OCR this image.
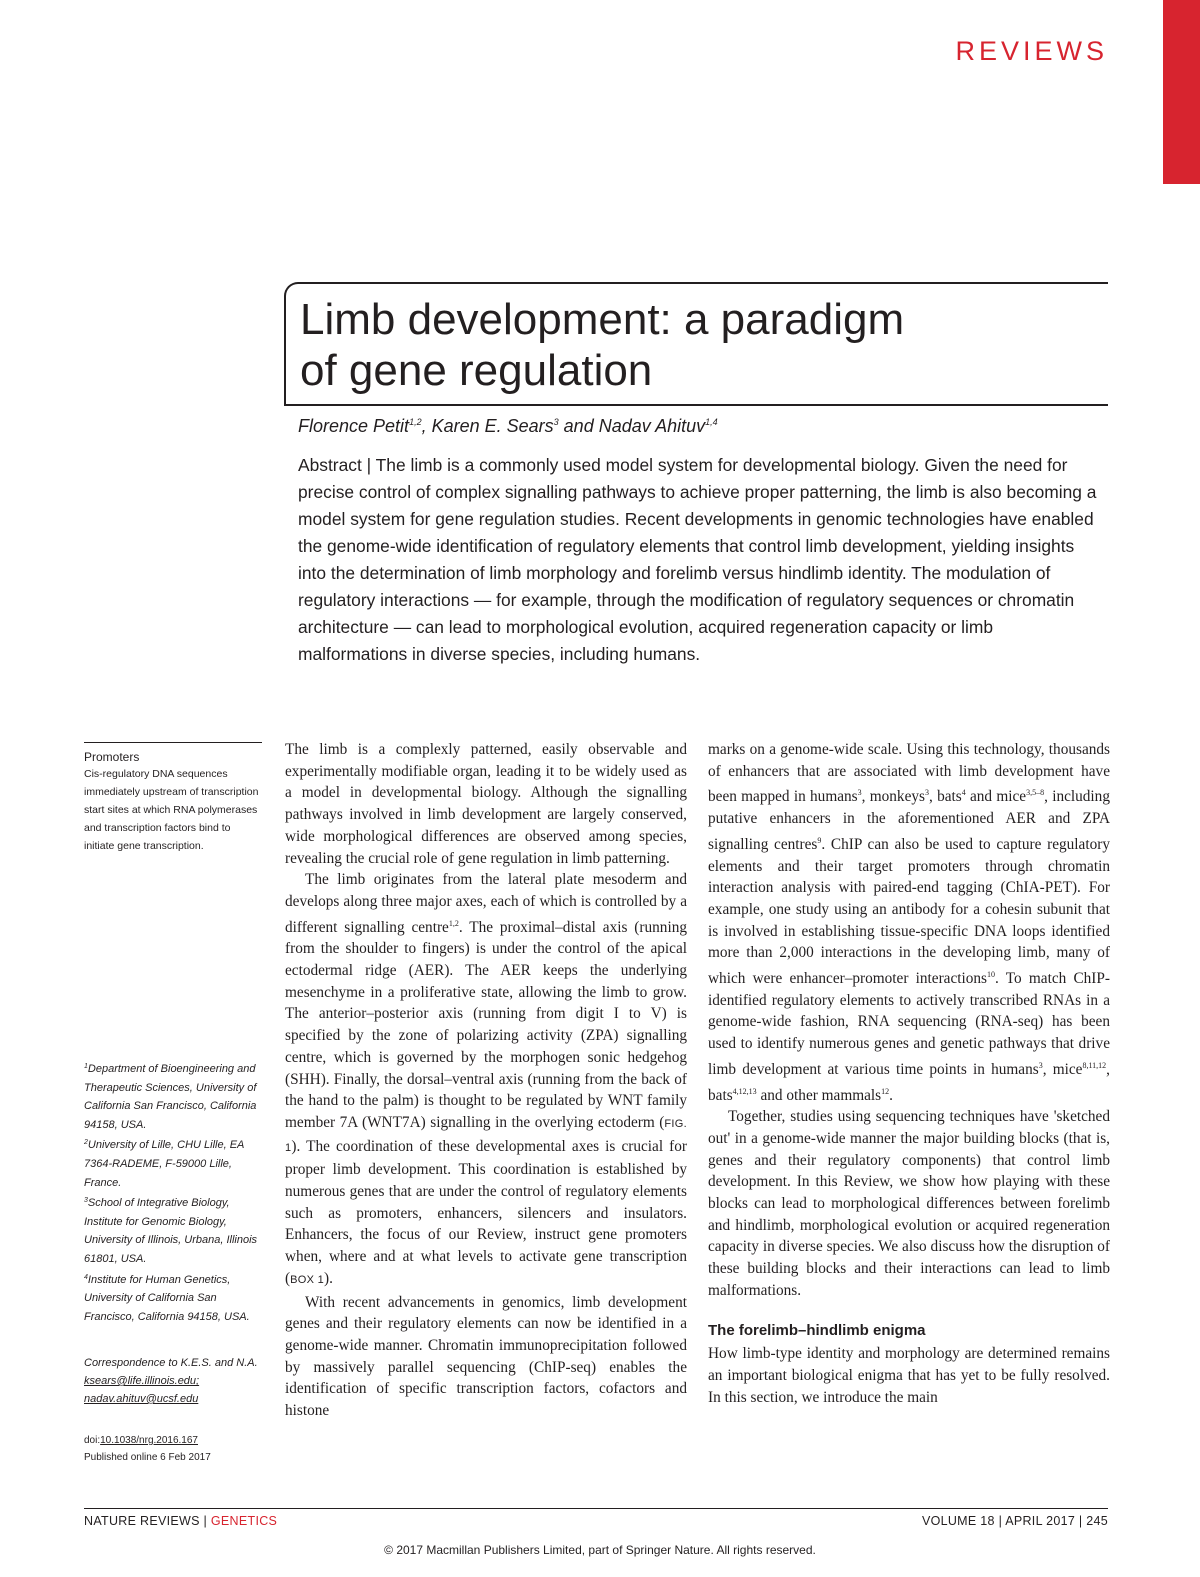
REVIEWS
Limb development: a paradigm
of gene regulation
Florence Petit$^{1,2}$, Karen E. Sears$^3$ and Nadav Ahituv$^{1,4}$
Abstract | The limb is a commonly used model system for developmental biology. Given the need for precise control of complex signalling pathways to achieve proper patterning, the limb is also becoming a model system for gene regulation studies. Recent developments in genomic technologies have enabled the genome-wide identification of regulatory elements that control limb development, yielding insights into the determination of limb morphology and forelimb versus hindlimb identity. The modulation of regulatory interactions — for example, through the modification of regulatory sequences or chromatin architecture — can lead to morphological evolution, acquired regeneration capacity or limb malformations in diverse species, including humans.
Promoters
Cis-regulatory DNA sequences immediately upstream of transcription start sites at which RNA polymerases and transcription factors bind to initiate gene transcription.

$^1$Department of Bioengineering and Therapeutic Sciences, University of California San Francisco, California 94158, USA.

$^2$University of Lille, CHU Lille, EA 7364-RADEME, F-59000 Lille, France.

$^3$School of Integrative Biology, Institute for Genomic Biology, University of Illinois, Urbana, Illinois 61801, USA.

$^4$Institute for Human Genetics, University of California San Francisco, California 94158, USA.

Correspondence to K.E.S. and N.A.
ksears@life.illinois.edu;
nadav.ahituv@ucsf.edu
doi:10.1038/nrg.2016.167
Published online 6 Feb 2017

The limb is a complexly patterned, easily observable and experimentally modifiable organ, leading it to be widely used as a model in developmental biology. Although the signalling pathways involved in limb development are largely conserved, wide morphological differences are observed among species, revealing the crucial role of gene regulation in limb patterning.

The limb originates from the lateral plate mesoderm and develops along three major axes, each of which is controlled by a different signalling centre$^{1,2}$. The proximal–distal axis (running from the shoulder to fingers) is under the control of the apical ectodermal ridge (AER). The AER keeps the underlying mesenchyme in a proliferative state, allowing the limb to grow. The anterior–posterior axis (running from digit I to V) is specified by the zone of polarizing activity (ZPA) signalling centre, which is governed by the morphogen sonic hedgehog (SHH). Finally, the dorsal–ventral axis (running from the back of the hand to the palm) is thought to be regulated by WNT family member 7A (WNT7A) signalling in the overlying ectoderm (FIG. 1). The coordination of these developmental axes is crucial for proper limb development. This coordination is established by numerous genes that are under the control of regulatory elements such as promoters, enhancers, silencers and insulators. Enhancers, the focus of our Review, instruct gene promoters when, where and at what levels to activate gene transcription (BOX 1).

With recent advancements in genomics, limb development genes and their regulatory elements can now be identified in a genome-wide manner. Chromatin immunoprecipitation followed by massively parallel sequencing (ChIP-seq) enables the identification of specific transcription factors, cofactors and histone

marks on a genome-wide scale. Using this technology, thousands of enhancers that are associated with limb development have been mapped in humans$^3$, monkeys$^3$, bats$^4$ and mice$^{3,5-8}$, including putative enhancers in the aforementioned AER and ZPA signalling centres$^9$. ChIP can also be used to capture regulatory elements and their target promoters through chromatin interaction analysis with paired-end tagging (ChIA-PET). For example, one study using an antibody for a cohesin subunit that is involved in establishing tissue-specific DNA loops identified more than 2,000 interactions in the developing limb, many of which were enhancer–promoter interactions$^{10}$. To match ChIP-identified regulatory elements to actively transcribed RNAs in a genome-wide fashion, RNA sequencing (RNA-seq) has been used to identify numerous genes and genetic pathways that drive limb development at various time points in humans$^3$, mice$^{8,11,12}$, bats$^{4,12,13}$ and other mammals$^{12}$.

Together, studies using sequencing techniques have 'sketched out' in a genome-wide manner the major building blocks (that is, genes and their regulatory components) that control limb development. In this Review, we show how playing with these blocks can lead to morphological differences between forelimb and hindlimb, morphological evolution or acquired regeneration capacity in diverse species. We also discuss how the disruption of these building blocks and their interactions can lead to limb malformations.

The forelimb–hindlimb enigma

How limb-type identity and morphology are determined remains an important biological enigma that has yet to be fully resolved. In this section, we introduce the main

NATURE REVIEWS | GENETICS	VOLUME 18 | APRIL 2017 | 245
© 2017 Macmillan Publishers Limited, part of Springer Nature. All rights reserved.
